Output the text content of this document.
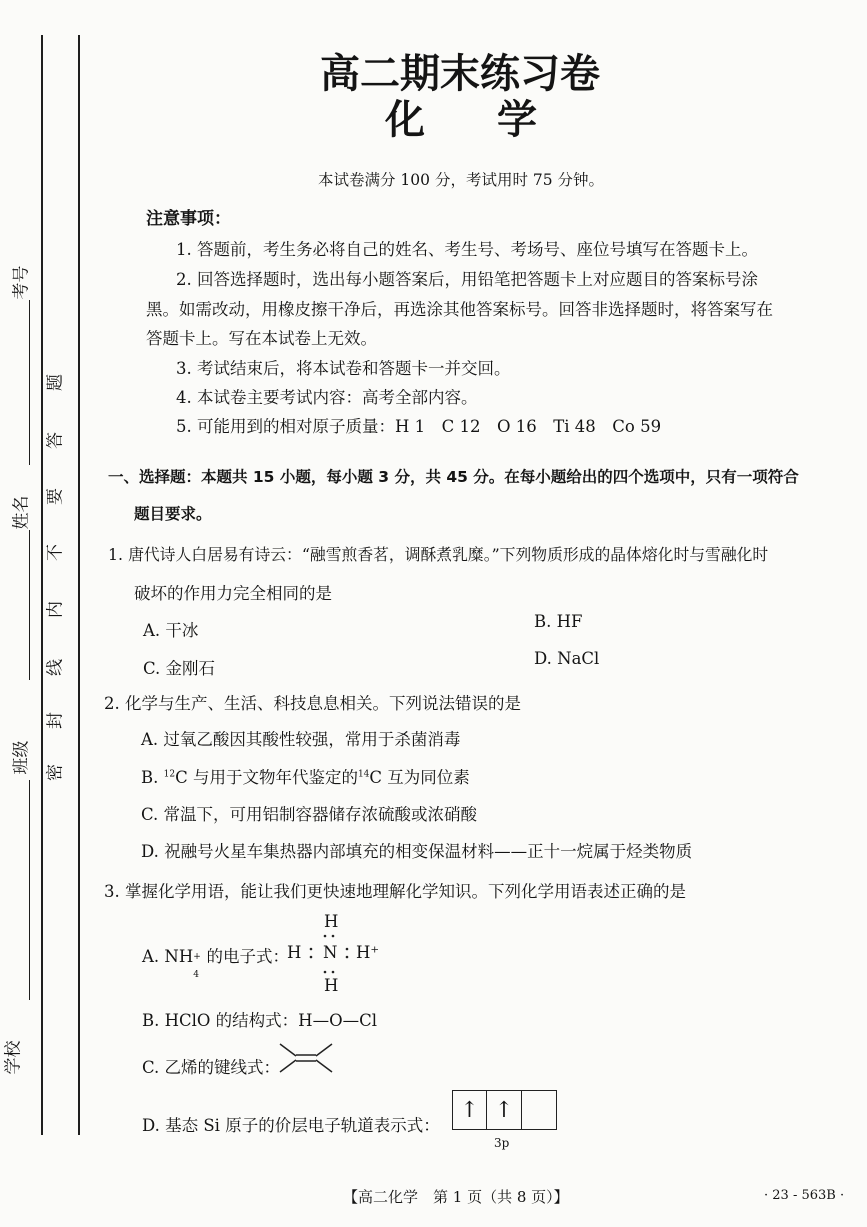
考号
姓名
班级
学校
密
封
线
内
不
要
答
题
高二期末练习卷
化学
本试卷满分 100 分，考试用时 75 分钟。
注意事项：
1. 答题前，考生务必将自己的姓名、考生号、考场号、座位号填写在答题卡上。
2. 回答选择题时，选出每小题答案后，用铅笔把答题卡上对应题目的答案标号涂
黑。如需改动，用橡皮擦干净后，再选涂其他答案标号。回答非选择题时，将答案写在
答题卡上。写在本试卷上无效。
3. 考试结束后，将本试卷和答题卡一并交回。
4. 本试卷主要考试内容：高考全部内容。
5. 可能用到的相对原子质量：H 1　C 12　O 16　Ti 48　Co 59
一、选择题：本题共 15 小题，每小题 3 分，共 45 分。在每小题给出的四个选项中，只有一项符合
题目要求。
1. 唐代诗人白居易有诗云：“融雪煎香茗，调酥煮乳糜。”下列物质形成的晶体熔化时与雪融化时
破坏的作用力完全相同的是
A. 干冰	B. HF
C. 金刚石
D. NaCl
2. 化学与生产、生活、科技息息相关。下列说法错误的是
A. 过氧乙酸因其酸性较强，常用于杀菌消毒
B. $^{12}$C 与用于文物年代鉴定的$^{14}$C 互为同位素
C. 常温下，可用铝制容器储存浓硫酸或浓硝酸
D. 祝融号火星车集热器内部填充的相变保温材料——正十一烷属于烃类物质
3. 掌握化学用语，能让我们更快速地理解化学知识。下列化学用语表述正确的是
A. NH +
4
的电子式：
H
H
N
H
H⁺
B. HClO 的结构式：H—O—Cl
C. 乙烯的键线式：
D. 基态 Si 原子的价层电子轨道表示式：
↑ ↑
3p
【高二化学　第 1 页（共 8 页）】	· 23 - 563B ·
